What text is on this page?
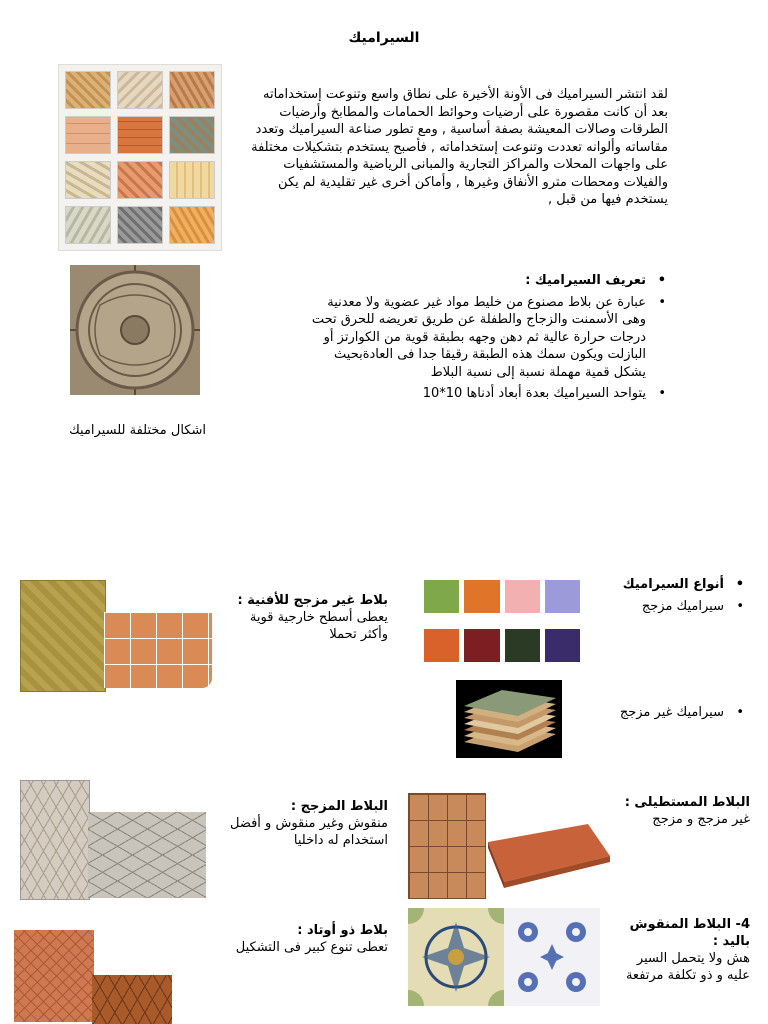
السيراميك
لقد انتشر السيراميك فى الأونة الأخيرة على نطاق واسع وتنوعت إستخداماته بعد أن كانت مقصورة على أرضيات وحوائط الحمامات والمطابخ وأرضيات الطرقات وصالات المعيشة بصفة أساسية , ومع تطور صناعة السيراميك وتعدد مقاساته وألوانه تعددت وتنوعت إستخداماته , فأصبح يستخدم بتشكيلات مختلفة على واجهات المحلات والمراكز التجارية والمبانى الرياضية والمستشفيات والفيلات ومحطات مترو الأنفاق وغيرها , وأماكن أخرى غير تقليدية لم يكن يستخدم فيها من قبل ,
• تعريف السيراميك :
• عبارة عن بلاط مصنوع من خليط مواد غير عضوية ولا معدنية وهى الأسمنت والزجاج والطفلة عن طريق تعريضه للحرق تحت درجات حرارة عالية ثم دهن وجهه بطبقة قوية من الكوارتز أو البازلت ويكون سمك هذه الطبقة رقيقا جدا فى العادةبحيث يشكل قمية مهملة نسبة إلى نسبة البلاط
• يتواحد السيراميك بعدة أبعاد أدناها 10*10
اشكال مختلفة للسيراميك
بلاط غير مزجج للأفنية :
يعطى أسطح خارجية قوية وأكثر تحملا
• أنواع السيراميك
• سيراميك مزجج
• سيراميك غير مزجج
البلاط المزجج :
منقوش وغير منقوش و أفضل استخدام له داخليا
البلاط المستطيلى :
غير مزجج و مزجج
بلاط ذو أوتاد :
تعطى تنوع كبير فى التشكيل
4- البلاط المنقوش باليد :
هش ولا يتحمل السير عليه و ذو تكلفة مرتفعة
